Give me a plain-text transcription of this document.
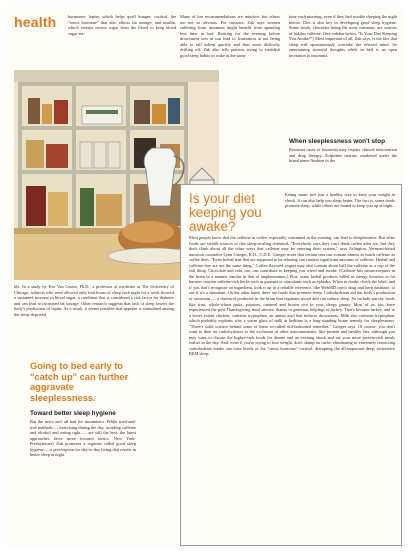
health	hormones: leptin, which helps quell hunger; cortisol, the "stress hormone" that also affects fat storage; and insulin, which sweeps excess sugar from the blood to keep blood sugar sta-
Many of her recommendations are intuitive, but others are not so obvious. For instance, Zak says women suffering from insomnia might benefit from spending less time in bed. Retiring for the evening before drowsiness sets in can lead to frustration at not being able to fall asleep quickly and thus more difficulty drifting off. Zak also tells patients trying to establish good sleep habits to wake at the same
time each morning, even if they had trouble sleeping the night before. Diet is also key in developing good sleep hygiene. Some foods, chocolate being the most common, are sources of hidden caffeine. (See sidebar below, "Is Your Diet Keeping You Awake?") Most important of all, Zak says, is the fact that sleep will spontaneously overtake the relaxed mind. So entertaining stressful thoughts while in bed is an open invitation to insomnia.
When sleeplessness won't stop
Resistant cases of insomnia may require clinical intervention and drug therapy. Zolpidem tartrate, marketed under the brand name Ambien in the
ble. In a study by Eve Van Cauter, Ph.D., a professor of medicine at The University of Chicago, subjects who were allowed only four hours of sleep each night for a week showed a sustained increase in blood sugar, a condition that is considered a risk factor for diabetes and can lead to increased fat storage. Other research suggests that lack of sleep lowers the body's production of leptin. As a result, it seems possible that appetite is stimulated among the sleep-deprived.
Going to bed early to "catch up" can further aggravate sleeplessness.
Toward better sleep hygiene
But the news isn't all bad for insomniacs. While tried-and-true methods — exercising during the day, avoiding caffeine and alcohol and eating right — are still the best, the latest approaches favor more focused tactics. New York-Presbyterian's Zak promotes a regimen called good sleep hygiene — a prescription for day-to-day living that results in better sleep at night.
Is your diet keeping you awake?
Eating smart isn't just a healthy way to keep your weight in check. It can also help you sleep better. The fact is, some foods promote sleep, while others are bound to keep you up at night.
Most people know that the caffeine in coffee, especially consumed in the evening, can lead to sleeplessness. But other foods are stealth sources of this sleep-stealing chemical. "Everybody says they can't drink coffee after six, but they don't think about all the other ways that caffeine may be entering their system," says Arlington, Vermont-based nutrition counselor Lynn Grieger, R.D., C.D.E. Grieger notes that certain teas can contain almost as much caffeine as coffee does. "Even herbal teas that are supposed to be relaxing can contain significant amounts of caffeine. Herbal and caffeine-free are not the same thing." Coffee-flavored yogurt may also contain about half the caffeine as a cup of the real thing. Chocolate and cola, too, can contribute to keeping you wired and awake. (Caffeine hits neuroreceptors in the brain in a manner similar to that of amphetamines.) Plus, some herbal products billed as energy boosters or fat burners contain caffeine-rich herbs such as guarana or stimulants such as ephedra. When in doubt, check the label, and if you don't recognize an ingredient, look it up in a reliable reference, like WebMD.com's drug and herb database, to see if it's a stimulant. On the other hand, there are foods that promote sleep. Carbohydrates aid the body's production of serotonin — a chemical produced in the brain that regulates mood and can induce sleep. So include starchy foods like fruit, whole-wheat pasta, potatoes, oatmeal and brown rice in your sleepy pantry. Most of us, too, have experienced the post-Thanksgiving meal snooze, thanks to generous helpings of turkey. That's because turkey, and to a lesser extent chicken, contains tryptophan, an amino acid that induces drowsiness. Milk also contains tryptophan, which probably explains why a warm glass of milk at bedtime is a long-standing home remedy for sleeplessness. "There's solid science behind some of these so-called old-fashioned remedies," Grieger says. Of course, you don't want to dine on carbohydrates to the exclusion of other macronutrients, like protein and healthy fats, although you may want to choose the higher-carb foods for dinner and an evening snack and eat your more protein-rich meals earlier in the day. And, even if you're trying to lose weight, don't skimp on carbs: eliminating or extremely restricting carbohydrate intake can raise levels of the "stress hormone" cortisol, disrupting the all-important deep, restorative REM sleep.
